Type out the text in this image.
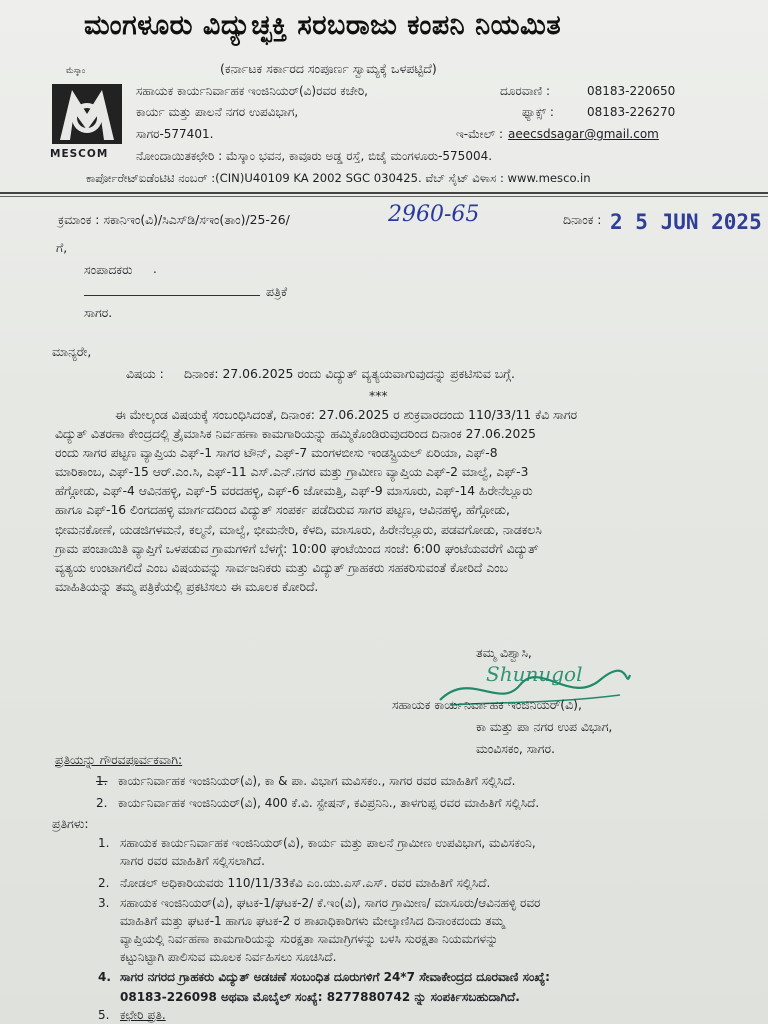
ಮಂಗಳೂರು ವಿದ್ಯುಚ್ಛಕ್ತಿ ಸರಬರಾಜು ಕಂಪನಿ ನಿಯಮಿತ
(ಕರ್ನಾಟಕ ಸರ್ಕಾರದ ಸಂಪೂರ್ಣ ಸ್ವಾಮ್ಯಕ್ಕೆ ಒಳಪಟ್ಟಿದೆ)
ಮೆಸ್ಕಾಂ
MESCOM
ಸಹಾಯಕ ಕಾರ್ಯನಿರ್ವಾಹಕ ಇಂಜಿನಿಯರ್(ವಿ)ರವರ ಕಚೇರಿ,
ಕಾರ್ಯ ಮತ್ತು ಪಾಲನೆ ನಗರ ಉಪವಿಭಾಗ,
ಸಾಗರ-577401.
ದೂರವಾಣಿ :	08183-220650
ಫ್ಯಾಕ್ಸ್ :	08183-226270
ಇ-ಮೇಲ್ : aeecsdsagar@gmail.com
ನೋಂದಾಯಿತಕಛೇರಿ : ಮೆಸ್ಕಾಂ ಭವನ, ಕಾವೂರು ಅಡ್ಡ ರಸ್ತೆ, ಬಿಜೈ ಮಂಗಳೂರು-575004.
ಕಾರ್ಪೋರೇಟ್ಐಡೆಂಟಿಟಿ ನಂಬರ್ :(CIN)U40109 KA 2002 SGC 030425. ವೆಬ್ ಸೈಟ್ ವಿಳಾಸ : www.mesco.in
ಕ್ರಮಾಂಕ : ಸಕಾನಿಇಂ(ವಿ)/ಸಿಎಸ್‌ಡಿ/ಸಇಂ(ತಾಂ)/25-26/	2960-65	ದಿನಾಂಕ : 2 5 JUN 2025
ಗೆ,
ಸಂಪಾದಕರು .
ಪತ್ರಿಕೆ
ಸಾಗರ.
ಮಾನ್ಯರೇ,
ವಿಷಯ : ದಿನಾಂಕ: 27.06.2025 ರಂದು ವಿದ್ಯುತ್ ವ್ಯತ್ಯಯವಾಗುವುದನ್ನು ಪ್ರಕಟಿಸುವ ಬಗ್ಗೆ.
***
ಈ ಮೇಲ್ಕಂಡ ವಿಷಯಕ್ಕೆ ಸಂಬಂಧಿಸಿದಂತೆ, ದಿನಾಂಕ: 27.06.2025 ರ ಶುಕ್ರವಾರದಂದು 110/33/11 ಕೆವಿ ಸಾಗರ
ವಿದ್ಯುತ್ ವಿತರಣಾ ಕೇಂದ್ರದಲ್ಲಿ ತ್ರೈಮಾಸಿಕ ನಿರ್ವಹಣಾ ಕಾಮಗಾರಿಯನ್ನು ಹಮ್ಮಿಕೊಂಡಿರುವುದರಿಂದ ದಿನಾಂಕ 27.06.2025
ರಂದು ಸಾಗರ ಪಟ್ಟಣ ವ್ಯಾಪ್ತಿಯ ಎಫ್-1 ಸಾಗರ ಟೌನ್, ಎಫ್-7 ಮಂಗಳಬೀಸು ಇಂಡಸ್ಟ್ರಿಯಲ್ ಏರಿಯಾ, ಎಫ್-8
ಮಾರಿಕಾಂಬ, ಎಫ್-15 ಆರ್.ಎಂ.ಸಿ, ಎಫ್-11 ಎಸ್.ಎನ್.ನಗರ ಮತ್ತು ಗ್ರಾಮೀಣ ವ್ಯಾಪ್ತಿಯ ಎಫ್-2 ಮಾಲ್ವೆ, ಎಫ್-3
ಹೆಗ್ಗೋಡು, ಎಫ್-4 ಆವಿನಹಳ್ಳಿ, ಎಫ್-5 ವರದಹಳ್ಳಿ, ಎಫ್-6 ಜೋಮತ್ತಿ, ಎಫ್-9 ಮಾಸೂರು, ಎಫ್-14 ಹಿರೇನೆಲ್ಲೂರು
ಹಾಗೂ ಎಫ್-16 ಲಿಂಗದಹಳ್ಳಿ ಮಾರ್ಗದದಿಂದ ವಿದ್ಯುತ್ ಸಂಪರ್ಕ ಪಡೆದಿರುವ ಸಾಗರ ಪಟ್ಟಣ, ಆವಿನಹಳ್ಳಿ, ಹೆಗ್ಗೋಡು,
ಭೀಮನಕೋಣೆ, ಯಡಜಿಗಳಮನೆ, ಕಲ್ಮನೆ, ಮಾಲ್ವೆ, ಭೀಮನೇರಿ, ಕೆಳದಿ, ಮಾಸೂರು, ಹಿರೇನೆಲ್ಲೂರು, ಪಡವಗೋಡು, ನಾಡಕಲಸಿ
ಗ್ರಾಮ ಪಂಚಾಯಿತಿ ವ್ಯಾಪ್ತಿಗೆ ಒಳಪಡುವ ಗ್ರಾಮಗಳಿಗೆ ಬೆಳಗ್ಗೆ: 10:00 ಘಂಟೆಯಿಂದ ಸಂಜೆ: 6:00 ಘಂಟೆಯವರೆಗೆ ವಿದ್ಯುತ್
ವ್ಯತ್ಯಯ ಉಂಟಾಗಲಿದೆ ಎಂಬ ವಿಷಯವನ್ನು ಸಾರ್ವಜನಿಕರು ಮತ್ತು ವಿದ್ಯುತ್ ಗ್ರಾಹಕರು ಸಹಕರಿಸುವಂತೆ ಕೋರಿದೆ ಎಂಬ
ಮಾಹಿತಿಯನ್ನು ತಮ್ಮ ಪತ್ರಿಕೆಯಲ್ಲಿ ಪ್ರಕಟಿಸಲು ಈ ಮೂಲಕ ಕೋರಿದೆ.
ತಮ್ಮ ವಿಶ್ವಾಸಿ,
Shunugol
ಸಹಾಯಕ ಕಾರ್ಯನಿರ್ವಾಹಕ ಇಂಜಿನಿಯರ್(ವಿ),
ಕಾ ಮತ್ತು ಪಾ ನಗರ ಉಪ ವಿಭಾಗ,
ಮಂವಿಸಕಂ, ಸಾಗರ.
ಪ್ರತಿಯನ್ನು ಗೌರವಪೂರ್ವಕವಾಗಿ:
1. ಕಾರ್ಯನಿರ್ವಾಹಕ ಇಂಜಿನಿಯರ್(ವಿ), ಕಾ & ಪಾ. ವಿಭಾಗ ಮವಿಸಕಂ., ಸಾಗರ ರವರ ಮಾಹಿತಿಗೆ ಸಲ್ಲಿಸಿದೆ.
2. ಕಾರ್ಯನಿರ್ವಾಹಕ ಇಂಜಿನಿಯರ್(ವಿ), 400 ಕೆ.ವಿ. ಸ್ಟೇಷನ್, ಕವಿಪ್ರನಿನಿ., ತಾಳಗುಪ್ಪ ರವರ ಮಾಹಿತಿಗೆ ಸಲ್ಲಿಸಿದೆ.
ಪ್ರತಿಗಳು:
1. ಸಹಾಯಕ ಕಾರ್ಯನಿರ್ವಾಹಕ ಇಂಜಿನಿಯರ್(ವಿ), ಕಾರ್ಯ ಮತ್ತು ಪಾಲನೆ ಗ್ರಾಮೀಣ ಉಪವಿಭಾಗ, ಮವಿಸಕಂನಿ,
ಸಾಗರ ರವರ ಮಾಹಿತಿಗೆ ಸಲ್ಲಿಸಲಾಗಿದೆ.
2. ನೋಡಲ್ ಅಧಿಕಾರಿಯವರು 110/11/33ಕೆವಿ ಎಂ.ಯು.ಎಸ್.ಎಸ್. ರವರ ಮಾಹಿತಿಗೆ ಸಲ್ಲಿಸಿದೆ.
3. ಸಹಾಯಕ ಇಂಜಿನಿಯರ್(ವಿ), ಘಟಕ-1/ಘಟಕ-2/ ಕೆ.ಇಂ(ವಿ), ಸಾಗರ ಗ್ರಾಮೀಣ/ ಮಾಸೂರು/ಆವಿನಹಳ್ಳಿ ರವರ
ಮಾಹಿತಿಗೆ ಮತ್ತು ಘಟಕ-1 ಹಾಗೂ ಘಟಕ-2 ರ ಶಾಖಾಧಿಕಾರಿಗಳು ಮೇಲ್ಕಾಣಿಸಿದ ದಿನಾಂಕದಂದು ತಮ್ಮ
ವ್ಯಾಪ್ತಿಯಲ್ಲಿ ನಿರ್ವಹಣಾ ಕಾಮಗಾರಿಯನ್ನು ಸುರಕ್ಷತಾ ಸಾಮಾಗ್ರಿಗಳನ್ನು ಬಳಸಿ ಸುರಕ್ಷತಾ ನಿಯಮಗಳನ್ನು
ಕಟ್ಟುನಿಟ್ಟಾಗಿ ಪಾಲಿಸುವ ಮೂಲಕ ನಿರ್ವಹಿಸಲು ಸೂಚಿಸಿದೆ.
4. ಸಾಗರ ನಗರದ ಗ್ರಾಹಕರು ವಿದ್ಯುತ್ ಅಡಚಣೆ ಸಂಬಂಧಿತ ದೂರುಗಳಿಗೆ 24*7 ಸೇವಾಕೇಂದ್ರದ ದೂರವಾಣಿ ಸಂಖ್ಯೆ:
08183-226098 ಅಥವಾ ಮೊಬೈಲ್ ಸಂಖ್ಯೆ: 8277880742 ನ್ನು ಸಂಪರ್ಕಿಸಬಹುದಾಗಿದೆ.
5. ಕಛೇರಿ ಪ್ರತಿ.
